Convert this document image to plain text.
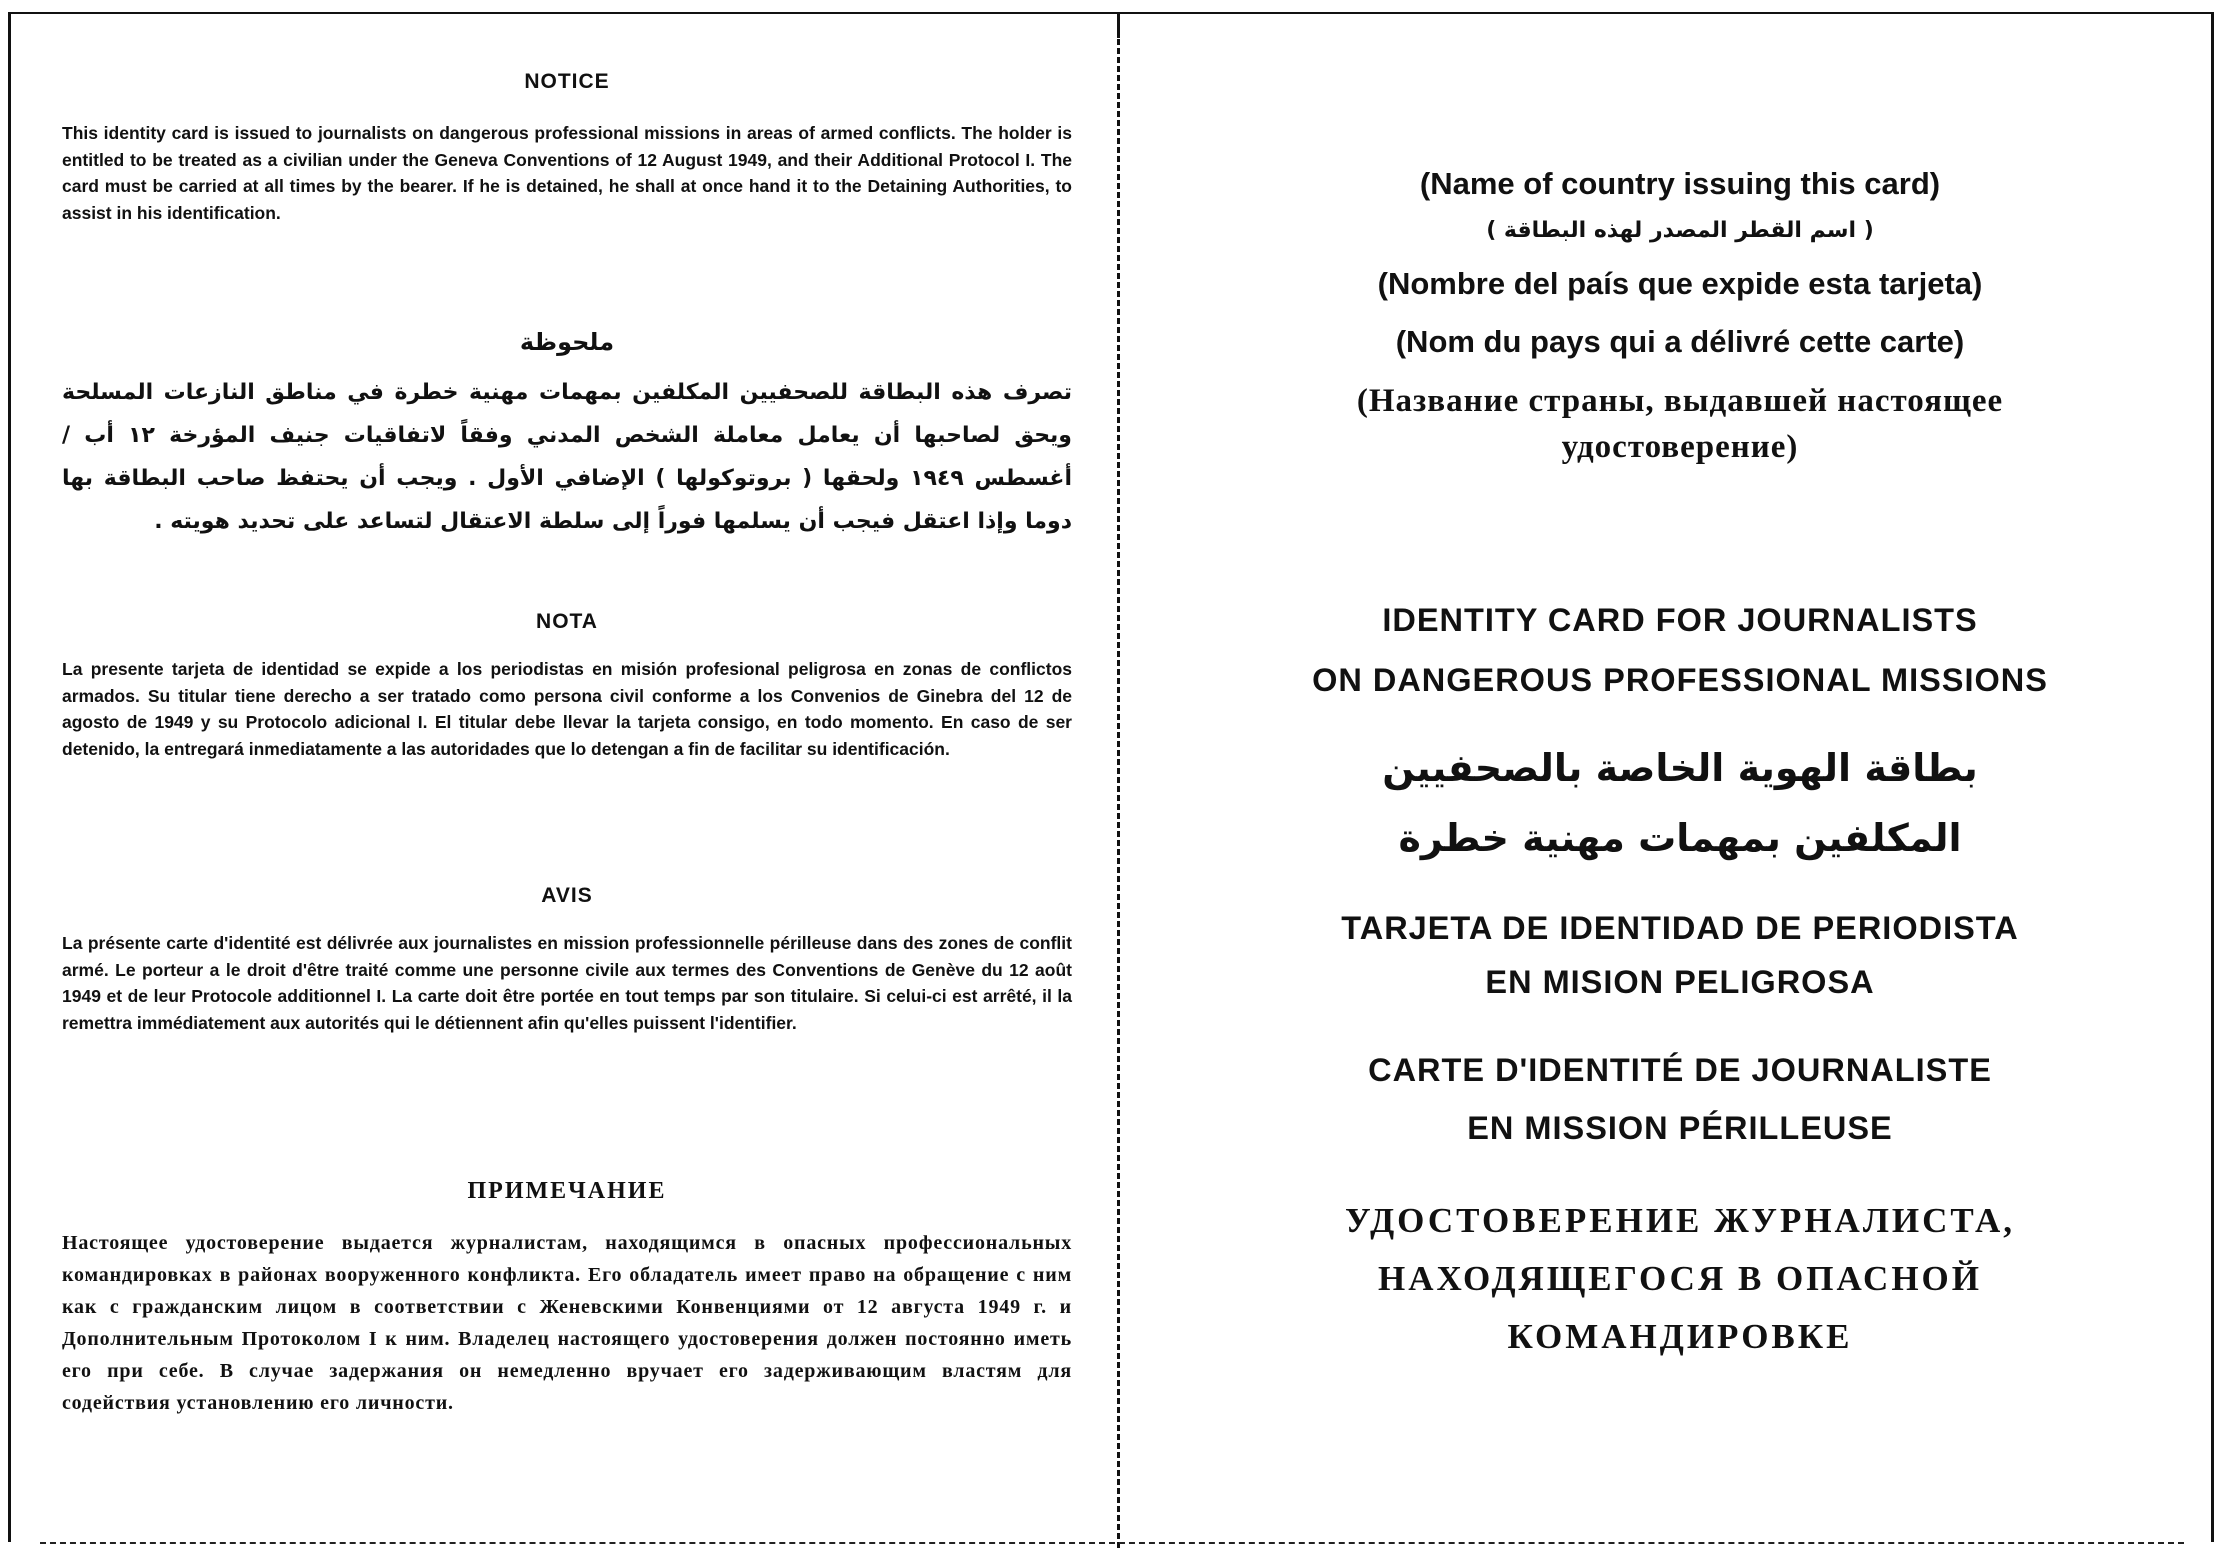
NOTICE

This identity card is issued to journalists on dangerous professional missions in areas of armed conflicts. The holder is entitled to be treated as a civilian under the Geneva Conventions of 12 August 1949, and their Additional Protocol I. The card must be carried at all times by the bearer. If he is detained, he shall at once hand it to the Detaining Authorities, to assist in his identification.

ملحوظة

تصرف هذه البطاقة للصحفيين المكلفين بمهمات مهنية خطرة في مناطق النازعات المسلحة ويحق لصاحبها أن يعامل معاملة الشخص المدني وفقاً لاتفاقيات جنيف المؤرخة ١٢ أب / أغسطس ١٩٤٩ ولحقها ( بروتوكولها ) الإضافي الأول . ويجب أن يحتفظ صاحب البطاقة بها دوما وإذا اعتقل فيجب أن يسلمها فوراً إلى سلطة الاعتقال لتساعد على تحديد هويته .

NOTA

La presente tarjeta de identidad se expide a los periodistas en misión profesional peligrosa en zonas de conflictos armados. Su titular tiene derecho a ser tratado como persona civil conforme a los Convenios de Ginebra del 12 de agosto de 1949 y su Protocolo adicional I. El titular debe llevar la tarjeta consigo, en todo momento. En caso de ser detenido, la entregará inmediatamente a las autoridades que lo detengan a fin de facilitar su identificación.

AVIS

La présente carte d'identité est délivrée aux journalistes en mission professionnelle périlleuse dans des zones de conflit armé. Le porteur a le droit d'être traité comme une personne civile aux termes des Conventions de Genève du 12 août 1949 et de leur Protocole additionnel I. La carte doit être portée en tout temps par son titulaire. Si celui-ci est arrêté, il la remettra immédiatement aux autorités qui le détiennent afin qu'elles puissent l'identifier.

ПРИМЕЧАНИЕ

Настоящее удостоверение выдается журналистам, находящимся в опасных профессиональных командировках в районах вооруженного конфликта. Его обладатель имеет право на обращение с ним как с гражданским лицом в соответствии с Женевскими Конвенциями от 12 августа 1949 г. и Дополнительным Протоколом I к ним. Владелец настоящего удостоверения должен постоянно иметь его при себе. В случае задержания он немедленно вручает его задерживающим властям для содействия установлению его личности.

(Name of country issuing this card)
( اسم القطر المصدر لهذه البطاقة )
(Nombre del país que expide esta tarjeta)
(Nom du pays qui a délivré cette carte)
(Название страны, выдавшей настоящее
удостоверение)
IDENTITY CARD FOR JOURNALISTS
ON DANGEROUS PROFESSIONAL MISSIONS
بطاقة الهوية الخاصة بالصحفيين
المكلفين بمهمات مهنية خطرة
TARJETA DE IDENTIDAD DE PERIODISTA
EN MISION PELIGROSA
CARTE D'IDENTITÉ DE JOURNALISTE
EN MISSION PÉRILLEUSE
УДОСТОВЕРЕНИЕ ЖУРНАЛИСТА,
НАХОДЯЩЕГОСЯ В ОПАСНОЙ
КОМАНДИРОВКЕ
